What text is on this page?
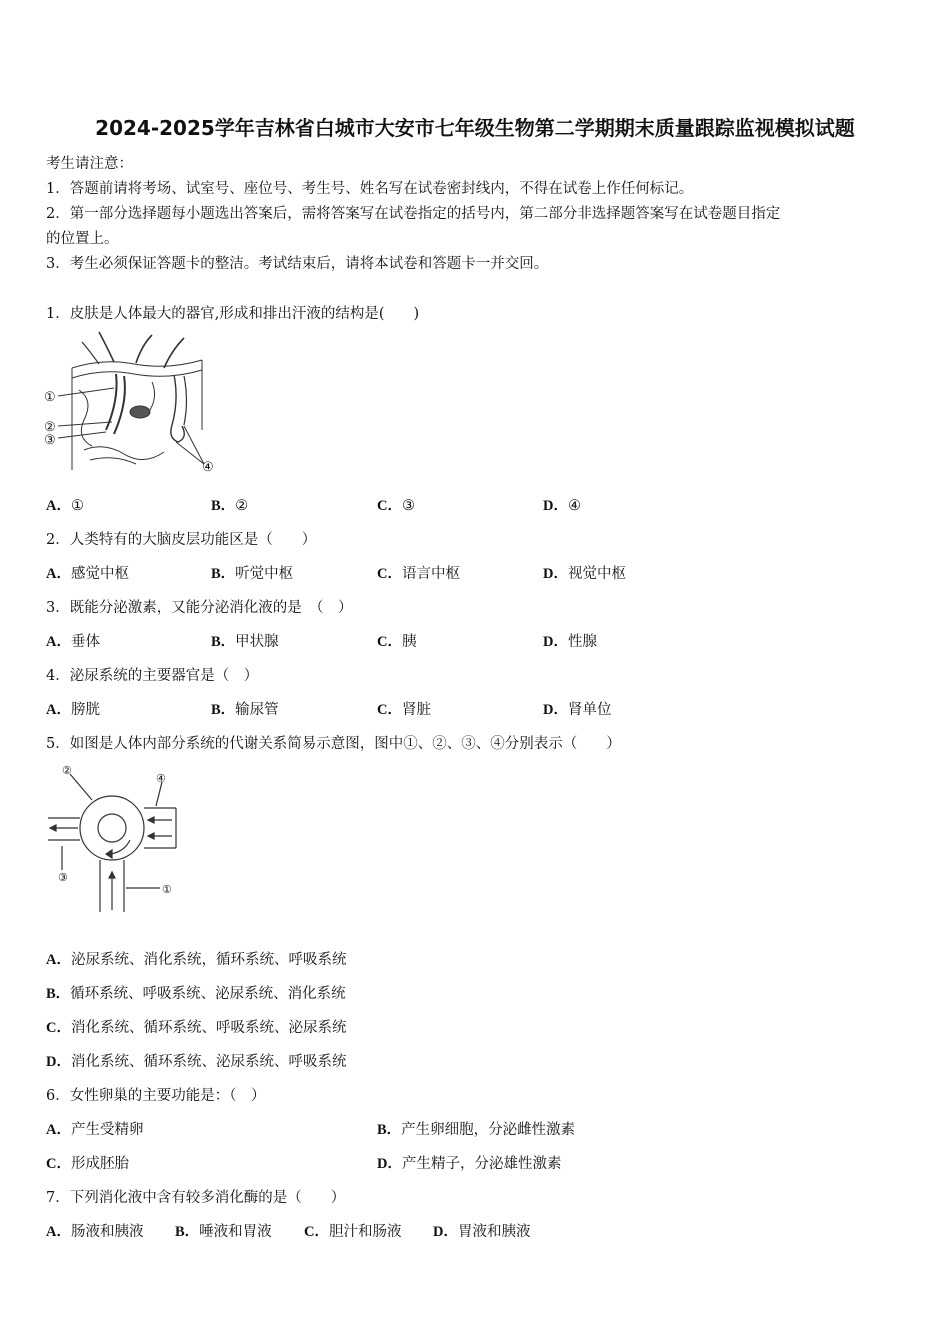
2024-2025学年吉林省白城市大安市七年级生物第二学期期末质量跟踪监视模拟试题
考生请注意：
1．答题前请将考场、试室号、座位号、考生号、姓名写在试卷密封线内，不得在试卷上作任何标记。
2．第一部分选择题每小题选出答案后，需将答案写在试卷指定的括号内，第二部分非选择题答案写在试卷题目指定
的位置上。
3．考生必须保证答题卡的整洁。考试结束后，请将本试卷和答题卡一并交回。
1．皮肤是人体最大的器官,形成和排出汗液的结构是(　　)
①
②
③
④
A．①	B．②	C．③	D．④
2．人类特有的大脑皮层功能区是（　　）
A．感觉中枢	B．听觉中枢	C．语言中枢	D．视觉中枢
3．既能分泌激素，又能分泌消化液的是　（　）
A．垂体	B．甲状腺	C．胰	D．性腺
4．泌尿系统的主要器官是（　）
A．膀胱	B．输尿管	C．肾脏	D．肾单位
5．如图是人体内部分系统的代谢关系简易示意图，图中①、②、③、④分别表示（　　）
②
④
③
①
A．泌尿系统、消化系统，循环系统、呼吸系统
B．循环系统、呼吸系统、泌尿系统、消化系统
C．消化系统、循环系统、呼吸系统、泌尿系统
D．消化系统、循环系统、泌尿系统、呼吸系统
6．女性卵巢的主要功能是：（　）
A．产生受精卵	B．产生卵细胞，分泌雌性激素
C．形成胚胎	D．产生精子，分泌雄性激素
7．下列消化液中含有较多消化酶的是（　　）
A．肠液和胰液 B．唾液和胃液 C．胆汁和肠液 D．胃液和胰液
